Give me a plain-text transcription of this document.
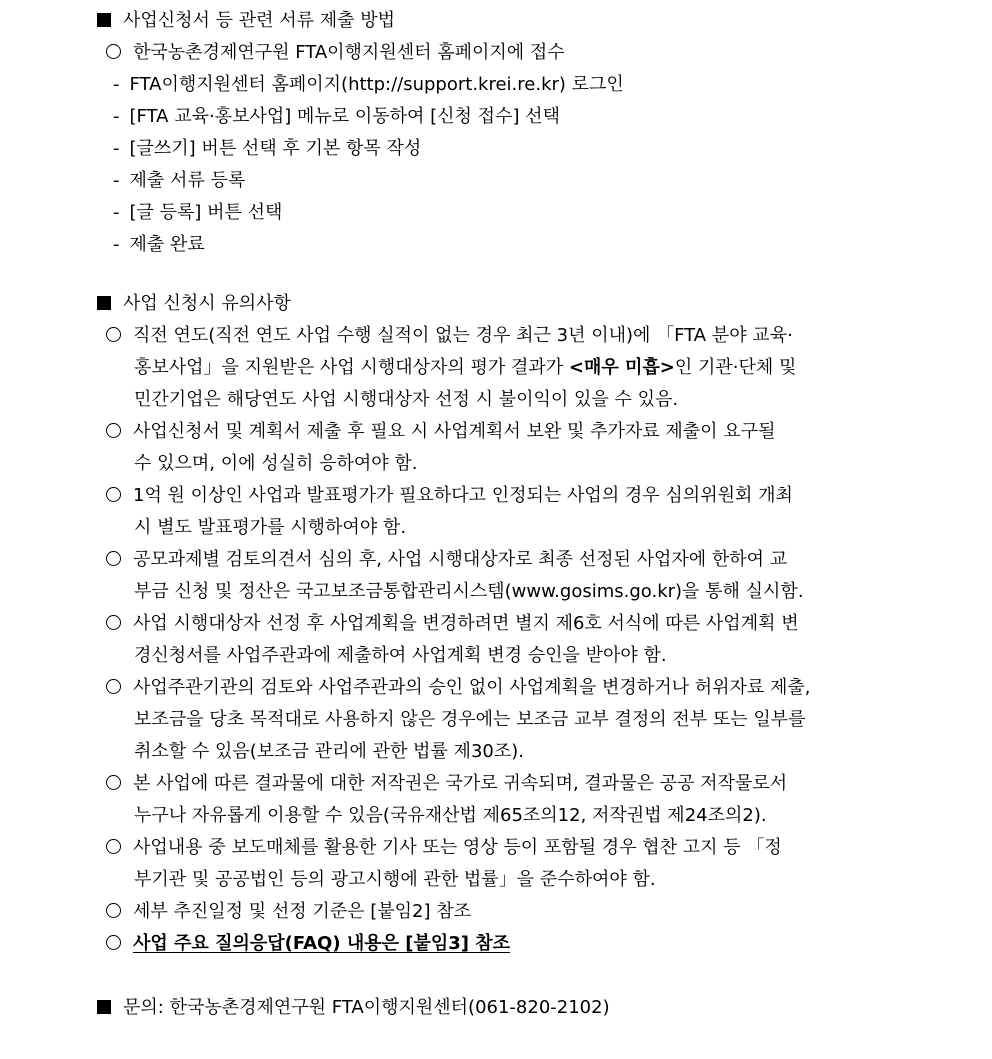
사업신청서 등 관련 서류 제출 방법
한국농촌경제연구원 FTA이행지원센터 홈페이지에 접수
- FTA이행지원센터 홈페이지(http://support.krei.re.kr) 로그인
- [FTA 교육·홍보사업] 메뉴로 이동하여 [신청 접수] 선택
- [글쓰기] 버튼 선택 후 기본 항목 작성
- 제출 서류 등록
- [글 등록] 버튼 선택
- 제출 완료
사업 신청시 유의사항
직전 연도(직전 연도 사업 수행 실적이 없는 경우 최근 3년 이내)에 「FTA 분야 교육·
홍보사업」을 지원받은 사업 시행대상자의 평가 결과가 <매우 미흡>인 기관·단체 및
민간기업은 해당연도 사업 시행대상자 선정 시 불이익이 있을 수 있음.
사업신청서 및 계획서 제출 후 필요 시 사업계획서 보완 및 추가자료 제출이 요구될
수 있으며, 이에 성실히 응하여야 함.
1억 원 이상인 사업과 발표평가가 필요하다고 인정되는 사업의 경우 심의위원회 개최
시 별도 발표평가를 시행하여야 함.
공모과제별 검토의견서 심의 후, 사업 시행대상자로 최종 선정된 사업자에 한하여 교
부금 신청 및 정산은 국고보조금통합관리시스템(www.gosims.go.kr)을 통해 실시함.
사업 시행대상자 선정 후 사업계획을 변경하려면 별지 제6호 서식에 따른 사업계획 변
경신청서를 사업주관과에 제출하여 사업계획 변경 승인을 받아야 함.
사업주관기관의 검토와 사업주관과의 승인 없이 사업계획을 변경하거나 허위자료 제출,
보조금을 당초 목적대로 사용하지 않은 경우에는 보조금 교부 결정의 전부 또는 일부를
취소할 수 있음(보조금 관리에 관한 법률 제30조).
본 사업에 따른 결과물에 대한 저작권은 국가로 귀속되며, 결과물은 공공 저작물로서
누구나 자유롭게 이용할 수 있음(국유재산법 제65조의12, 저작권법 제24조의2).
사업내용 중 보도매체를 활용한 기사 또는 영상 등이 포함될 경우 협찬 고지 등 「정
부기관 및 공공법인 등의 광고시행에 관한 법률」을 준수하여야 함.
세부 추진일정 및 선정 기준은 [붙임2] 참조
사업 주요 질의응답(FAQ) 내용은 [붙임3] 참조
문의: 한국농촌경제연구원 FTA이행지원센터(061-820-2102)
